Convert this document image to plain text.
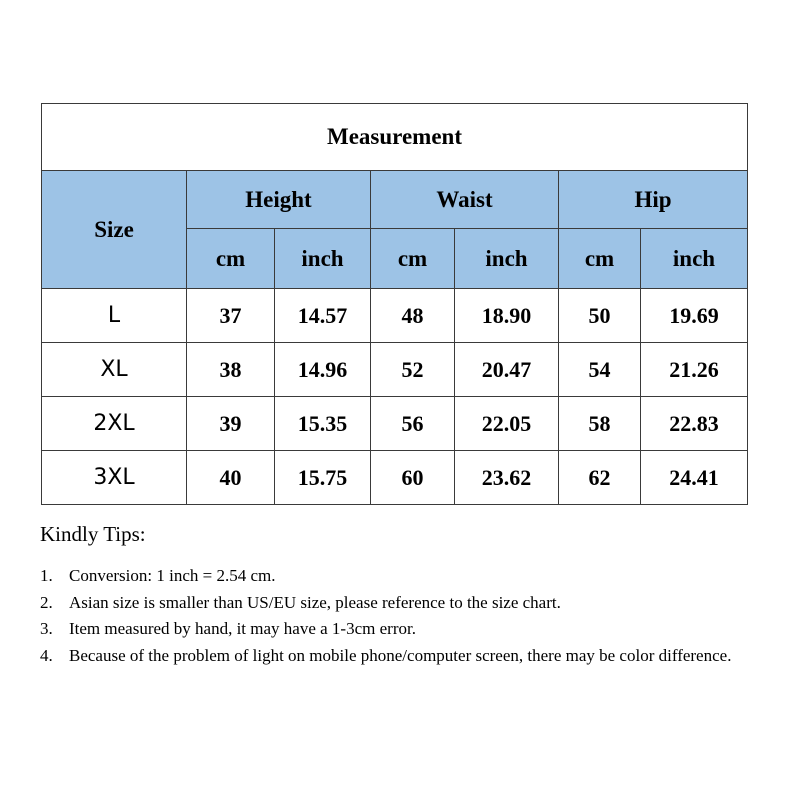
Measurement						
Size	Height		Waist		Hip	
	cm	inch	cm	inch	cm	inch
L	37	14.57	48	18.90	50	19.69
XL	38	14.96	52	20.47	54	21.26
2XL	39	15.35	56	22.05	58	22.83
3XL	40	15.75	60	23.62	62	24.41

Kindly Tips:

1. Conversion: 1 inch = 2.54 cm.
2. Asian size is smaller than US/EU size, please reference to the size chart.
3. Item measured by hand, it may have a 1-3cm error.
4. Because of the problem of light on mobile phone/computer screen, there may be color difference.
